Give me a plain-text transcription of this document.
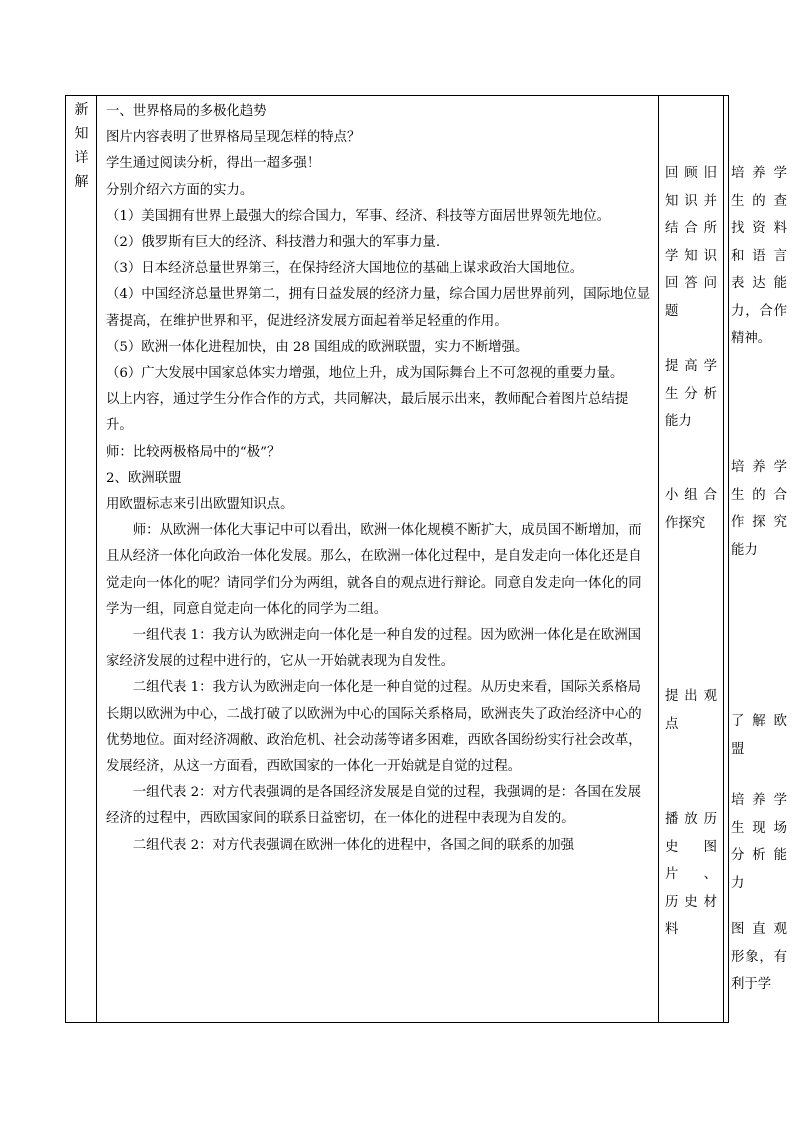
新
知
详
解

一、世界格局的多极化趋势

图片内容表明了世界格局呈现怎样的特点？

学生通过阅读分析，得出一超多强！

分别介绍六方面的实力。

（1）美国拥有世界上最强大的综合国力，军事、经济、科技等方面居世界领先地位。

（2）俄罗斯有巨大的经济、科技潜力和强大的军事力量.

（3）日本经济总量世界第三，在保持经济大国地位的基础上谋求政治大国地位。

（4）中国经济总量世界第二，拥有日益发展的经济力量，综合国力居世界前列，国际地位显著提高，在维护世界和平，促进经济发展方面起着举足轻重的作用。

（5）欧洲一体化进程加快，由 28 国组成的欧洲联盟，实力不断增强。

（6）广大发展中国家总体实力增强，地位上升，成为国际舞台上不可忽视的重要力量。

以上内容，通过学生分作合作的方式，共同解决，最后展示出来，教师配合着图片总结提升。

师：比较两极格局中的“极”？

2、欧洲联盟

用欧盟标志来引出欧盟知识点。

师：从欧洲一体化大事记中可以看出，欧洲一体化规模不断扩大，成员国不断增加，而且从经济一体化向政治一体化发展。那么，在欧洲一体化过程中，是自发走向一体化还是自觉走向一体化的呢？请同学们分为两组，就各自的观点进行辩论。同意自发走向一体化的同学为一组，同意自觉走向一体化的同学为二组。

一组代表 1：我方认为欧洲走向一体化是一种自发的过程。因为欧洲一体化是在欧洲国家经济发展的过程中进行的，它从一开始就表现为自发性。

二组代表 1：我方认为欧洲走向一体化是一种自觉的过程。从历史来看，国际关系格局长期以欧洲为中心，二战打破了以欧洲为中心的国际关系格局，欧洲丧失了政治经济中心的优势地位。面对经济凋敝、政治危机、社会动荡等诸多困难，西欧各国纷纷实行社会改革，发展经济，从这一方面看，西欧国家的一体化一开始就是自觉的过程。

一组代表 2：对方代表强调的是各国经济发展是自觉的过程，我强调的是：各国在发展经济的过程中，西欧国家间的联系日益密切，在一体化的进程中表现为自发的。

二组代表 2：对方代表强调在欧洲一体化的进程中，各国之间的联系的加强

回顾旧
知识并
结合所
学知识
回答问
题
提高学
生分析
能力
小组合
作探究
提出观
点
播放历
史图片、
历史材
料
培养学
生的查
找资料
和语言
表达能
力，合作
精神。
培养学
生的合
作探究
能力
了解欧
盟
培养学
生现场
分析能
力
图直观
形象，有
利于学
